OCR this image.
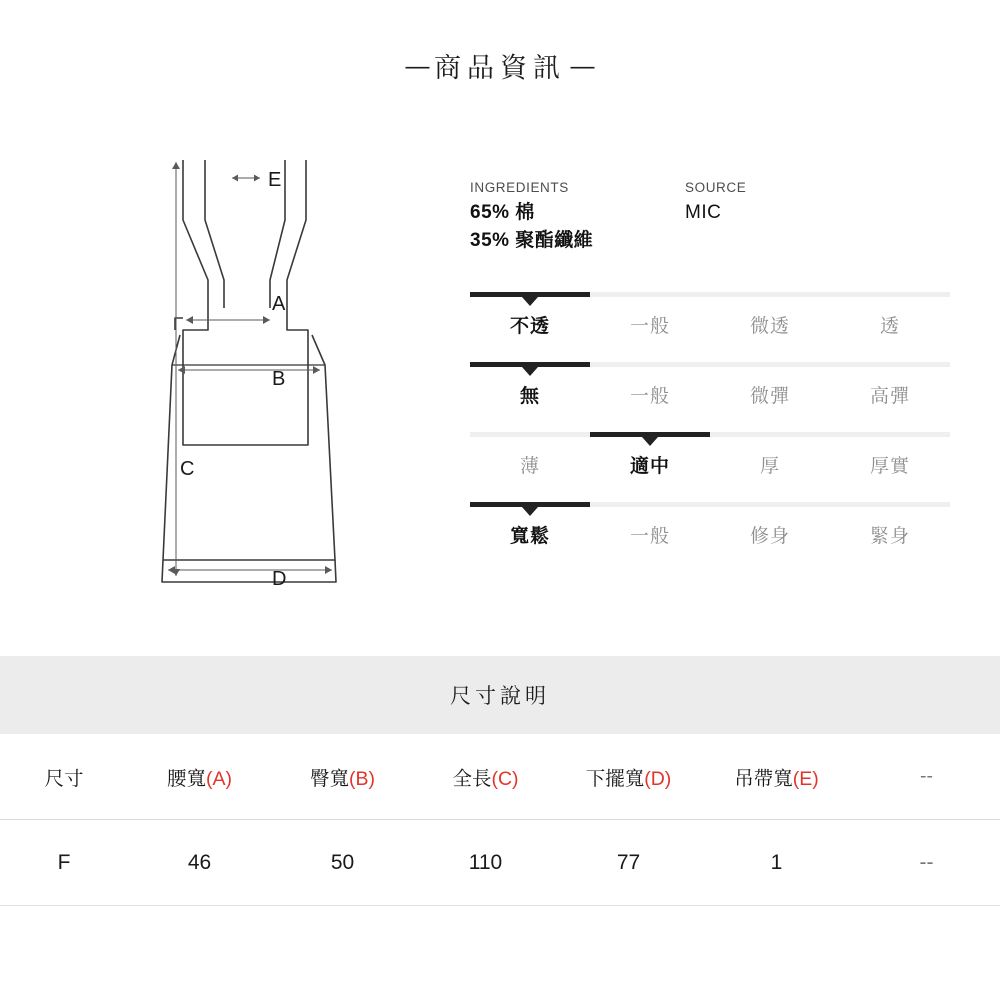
— 商品資訊 —
E
A
B
C
D
INGREDIENTS	SOURCE
65% 棉
35% 聚酯纖維
MIC
不透	一般	微透	透
無	一般	微彈	高彈
薄	適中	厚	厚實
寬鬆	一般	修身	緊身
尺寸說明
尺寸	腰寬(A)	臀寬(B)	全長(C)	下擺寬(D)	吊帶寬(E)	--
F	46	50	110	77	1	--
